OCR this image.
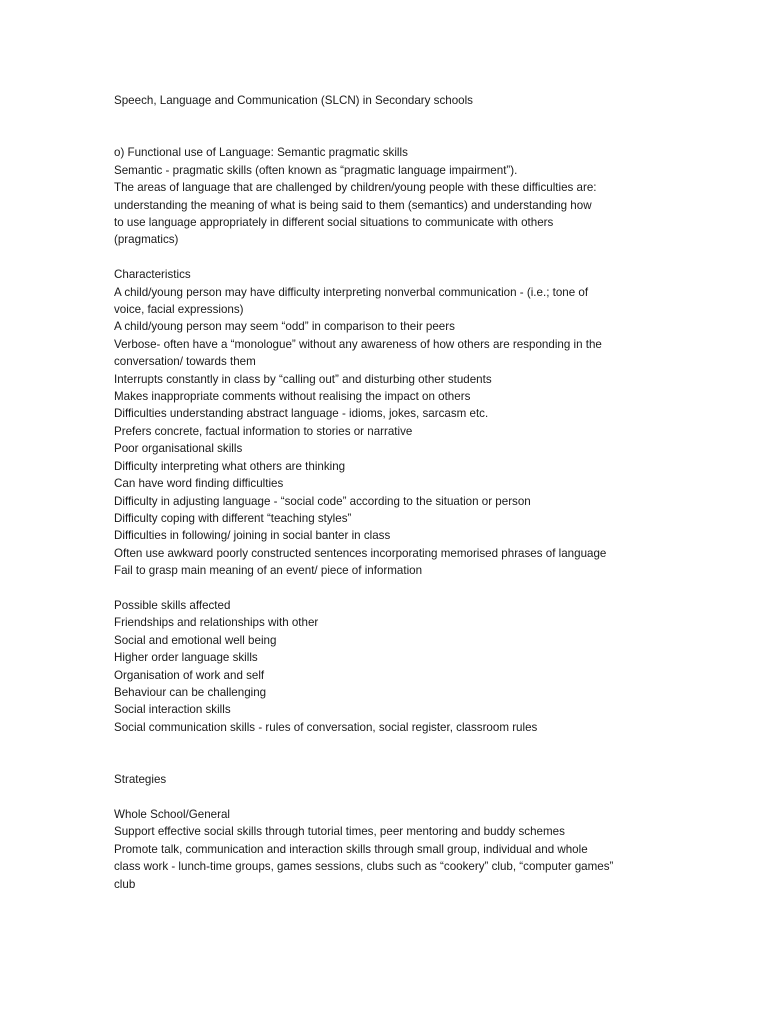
Speech, Language and Communication (SLCN) in Secondary schools
o) Functional use of Language: Semantic pragmatic skills
Semantic - pragmatic skills (often known as “pragmatic language impairment”).
The areas of language that are challenged by children/young people with these difficulties are:
understanding the meaning of what is being said to them (semantics) and understanding how
to use language appropriately in different social situations to communicate with others
(pragmatics)
Characteristics
A child/young person may have difficulty interpreting nonverbal communication - (i.e.; tone of
voice, facial expressions)
A child/young person may seem “odd” in comparison to their peers
Verbose- often have a “monologue” without any awareness of how others are responding in the
conversation/ towards them
Interrupts constantly in class by “calling out” and disturbing other students
Makes inappropriate comments without realising the impact on others
Difficulties understanding abstract language - idioms, jokes, sarcasm etc.
Prefers concrete, factual information to stories or narrative
Poor organisational skills
Difficulty interpreting what others are thinking
Can have word finding difficulties
Difficulty in adjusting language - “social code” according to the situation or person
Difficulty coping with different “teaching styles”
Difficulties in following/ joining in social banter in class
Often use awkward poorly constructed sentences incorporating memorised phrases of language
Fail to grasp main meaning of an event/ piece of information
Possible skills affected
Friendships and relationships with other
Social and emotional well being
Higher order language skills
Organisation of work and self
Behaviour can be challenging
Social interaction skills
Social communication skills - rules of conversation, social register, classroom rules
Strategies
Whole School/General
Support effective social skills through tutorial times, peer mentoring and buddy schemes
Promote talk, communication and interaction skills through small group, individual and whole
class work - lunch-time groups, games sessions, clubs such as “cookery” club, “computer games”
club
